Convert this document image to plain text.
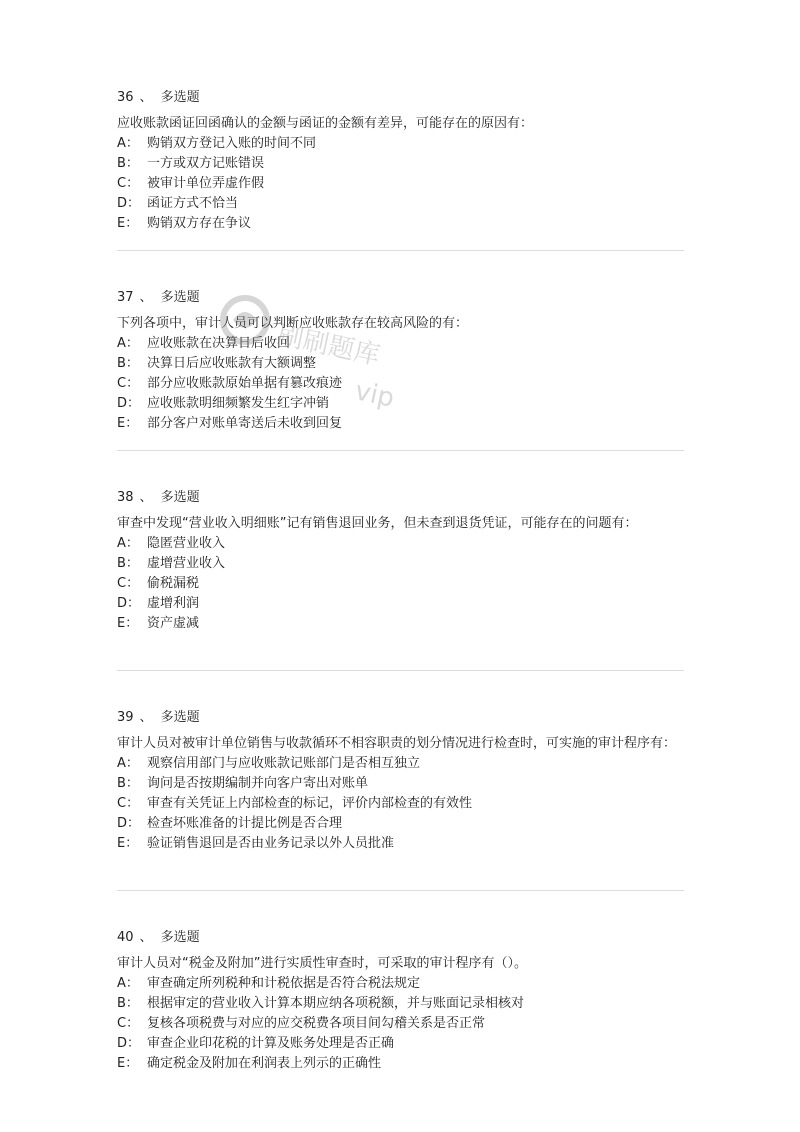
36 、 多选题
应收账款函证回函确认的金额与函证的金额有差异，可能存在的原因有：
A： 购销双方登记入账的时间不同
B： 一方或双方记账错误
C： 被审计单位弄虚作假
D： 函证方式不恰当
E： 购销双方存在争议
37 、 多选题
下列各项中，审计人员可以判断应收账款存在较高风险的有：
A： 应收账款在决算日后收回
B： 决算日后应收账款有大额调整
C： 部分应收账款原始单据有篡改痕迹
D： 应收账款明细频繁发生红字冲销
E： 部分客户对账单寄送后未收到回复
38 、 多选题
审查中发现“营业收入明细账”记有销售退回业务，但未查到退货凭证，可能存在的问题有：
A： 隐匿营业收入
B： 虚增营业收入
C： 偷税漏税
D： 虚增利润
E： 资产虚减
39 、 多选题
审计人员对被审计单位销售与收款循环不相容职责的划分情况进行检查时，可实施的审计程序有：
A： 观察信用部门与应收账款记账部门是否相互独立
B： 询问是否按期编制并向客户寄出对账单
C： 审查有关凭证上内部检查的标记，评价内部检查的有效性
D： 检查坏账准备的计提比例是否合理
E： 验证销售退回是否由业务记录以外人员批准
40 、 多选题
审计人员对“税金及附加”进行实质性审查时，可采取的审计程序有（）。
A： 审查确定所列税种和计税依据是否符合税法规定
B： 根据审定的营业收入计算本期应纳各项税额，并与账面记录相核对
C： 复核各项税费与对应的应交税费各项目间勾稽关系是否正常
D： 审查企业印花税的计算及账务处理是否正确
E： 确定税金及附加在利润表上列示的正确性
刷刷题库
vip
